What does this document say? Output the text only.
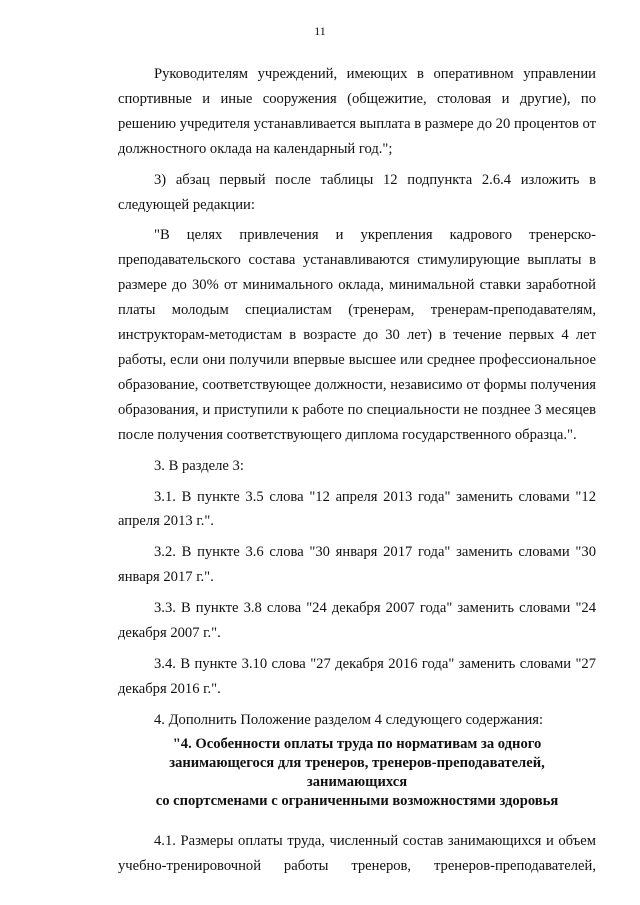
11

Руководителям учреждений, имеющих в оперативном управлении спортивные и иные сооружения (общежитие, столовая и другие), по решению учредителя устанавливается выплата в размере до 20 процентов от должностного оклада на календарный год.";

3) абзац первый после таблицы 12 подпункта 2.6.4 изложить в следующей редакции:

"В целях привлечения и укрепления кадрового тренерско-преподавательского состава устанавливаются стимулирующие выплаты в размере до 30% от минимального оклада, минимальной ставки заработной платы молодым специалистам (тренерам, тренерам-преподавателям, инструкторам-методистам в возрасте до 30 лет) в течение первых 4 лет работы, если они получили впервые высшее или среднее профессиональное образование, соответствующее должности, независимо от формы получения образования, и приступили к работе по специальности не позднее 3 месяцев после получения соответствующего диплома государственного образца.".

3. В разделе 3:

3.1. В пункте 3.5 слова "12 апреля 2013 года" заменить словами "12 апреля 2013 г.".

3.2. В пункте 3.6 слова "30 января 2017 года" заменить словами "30 января 2017 г.".

3.3. В пункте 3.8 слова "24 декабря 2007 года" заменить словами "24 декабря 2007 г.".

3.4. В пункте 3.10 слова "27 декабря 2016 года" заменить словами "27 декабря 2016 г.".

4. Дополнить Положение разделом 4 следующего содержания:

"4. Особенности оплаты труда по нормативам за одного
занимающегося для тренеров, тренеров-преподавателей, занимающихся
со спортсменами с ограниченными возможностями здоровья

4.1. Размеры оплаты труда, численный состав занимающихся и объем учебно-тренировочной работы тренеров, тренеров-преподавателей,
